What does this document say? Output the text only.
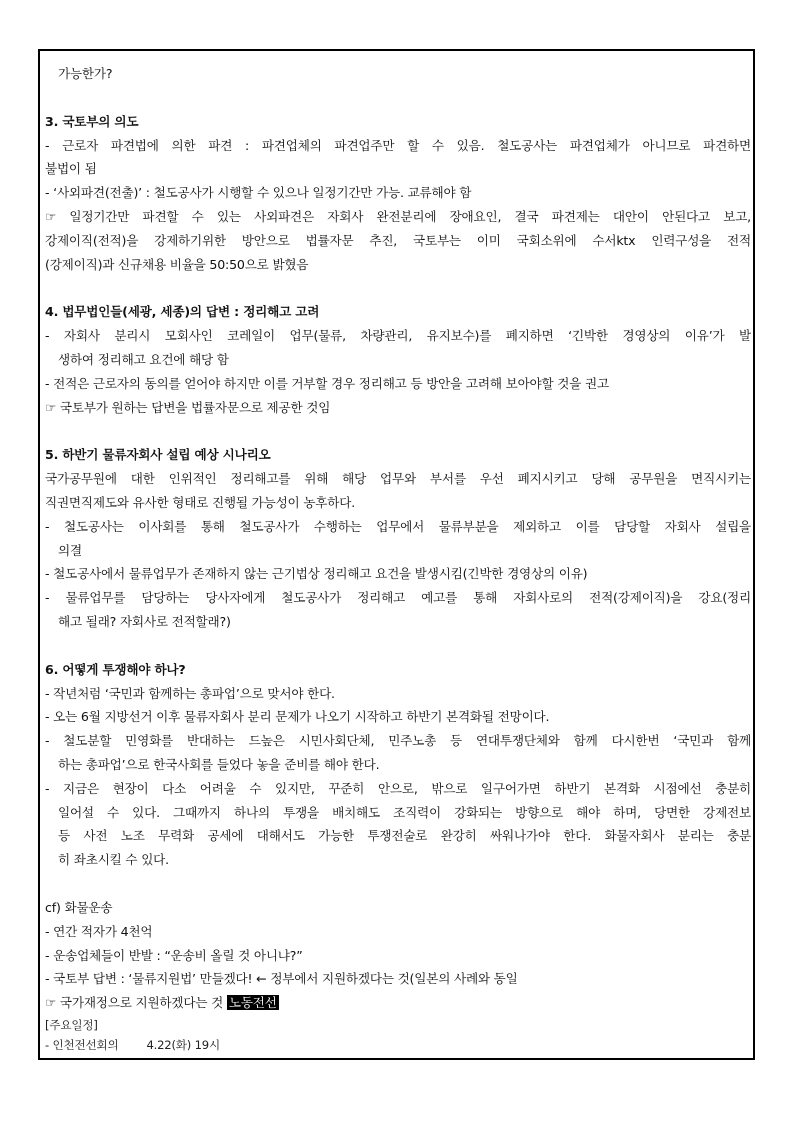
가능한가?
3. 국토부의 의도
- 근로자 파견법에 의한 파견 : 파견업체의 파견업주만 할 수 있음. 철도공사는 파견업체가 아니므로 파견하면
불법이 됨
- ‘사외파견(전출)’ : 철도공사가 시행할 수 있으나 일정기간만 가능. 교류해야 함
☞ 일정기간만 파견할 수 있는 사외파견은 자회사 완전분리에 장애요인, 결국 파견제는 대안이 안된다고 보고,
강제이직(전적)을 강제하기위한 방안으로 법률자문 추진, 국토부는 이미 국회소위에 수서ktx 인력구성을 전적
(강제이직)과 신규채용 비율을 50:50으로 밝혔음
4. 법무법인들(세광, 세종)의 답변 : 정리해고 고려
- 자회사 분리시 모회사인 코레일이 업무(물류, 차량관리, 유지보수)를 폐지하면 ‘긴박한 경영상의 이유’가 발
생하여 정리해고 요건에 해당 함
- 전적은 근로자의 동의를 얻어야 하지만 이를 거부할 경우 정리해고 등 방안을 고려해 보아야할 것을 권고
☞ 국토부가 원하는 답변을 법률자문으로 제공한 것임
5. 하반기 물류자회사 설립 예상 시나리오
국가공무원에 대한 인위적인 정리해고를 위해 해당 업무와 부서를 우선 폐지시키고 당해 공무원을 면직시키는
직권면직제도와 유사한 형태로 진행될 가능성이 농후하다.
- 철도공사는 이사회를 통해 철도공사가 수행하는 업무에서 물류부분을 제외하고 이를 담당할 자회사 설립을
의결
- 철도공사에서 물류업무가 존재하지 않는 근기법상 정리해고 요건을 발생시킴(긴박한 경영상의 이유)
- 물류업무를 담당하는 당사자에게 철도공사가 정리해고 예고를 통해 자회사로의 전적(강제이직)을 강요(정리
해고 될래? 자회사로 전적할래?)
6. 어떻게 투쟁해야 하나?
- 작년처럼 ‘국민과 함께하는 총파업’으로 맞서야 한다.
- 오는 6월 지방선거 이후 물류자회사 분리 문제가 나오기 시작하고 하반기 본격화될 전망이다.
- 철도분할 민영화를 반대하는 드높은 시민사회단체, 민주노총 등 연대투쟁단체와 함께 다시한번 ‘국민과 함께
하는 총파업’으로 한국사회를 들었다 놓을 준비를 해야 한다.
- 지금은 현장이 다소 어려울 수 있지만, 꾸준히 안으로, 밖으로 일구어가면 하반기 본격화 시점에선 충분히
일어설 수 있다. 그때까지 하나의 투쟁을 배치해도 조직력이 강화되는 방향으로 해야 하며, 당면한 강제전보
등 사전 노조 무력화 공세에 대해서도 가능한 투쟁전술로 완강히 싸워나가야 한다. 화물자회사 분리는 충분
히 좌초시킬 수 있다.
cf) 화물운송
- 연간 적자가 4천억
- 운송업체들이 반발 : “운송비 올릴 것 아니냐?”
- 국토부 답변 : ‘물류지원법’ 만들겠다! ← 정부에서 지원하겠다는 것(일본의 사례와 동일
☞ 국가재정으로 지원하겠다는 것 노동전선
[주요일정]
- 인천전선회의 4.22(화) 19시
